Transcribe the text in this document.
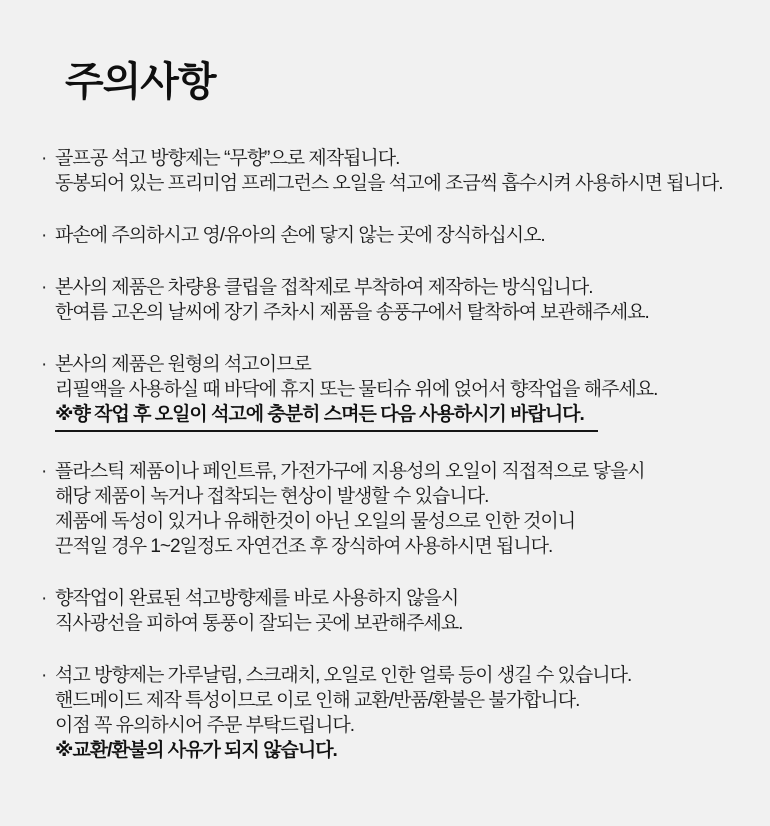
주의사항
· 골프공 석고 방향제는 “무향”으로 제작됩니다.
동봉되어 있는 프리미엄 프레그런스 오일을 석고에 조금씩 흡수시켜 사용하시면 됩니다.
· 파손에 주의하시고 영/유아의 손에 닿지 않는 곳에 장식하십시오.
· 본사의 제품은 차량용 클립을 접착제로 부착하여 제작하는 방식입니다.
한여름 고온의 날씨에 장기 주차시 제품을 송풍구에서 탈착하여 보관해주세요.
· 본사의 제품은 원형의 석고이므로
리필액을 사용하실 때 바닥에 휴지 또는 물티슈 위에 얹어서 향작업을 해주세요.
※향 작업 후 오일이 석고에 충분히 스며든 다음 사용하시기 바랍니다.
· 플라스틱 제품이나 페인트류, 가전가구에 지용성의 오일이 직접적으로 닿을시
해당 제품이 녹거나 접착되는 현상이 발생할 수 있습니다.
제품에 독성이 있거나 유해한것이 아닌 오일의 물성으로 인한 것이니
끈적일 경우 1~2일정도 자연건조 후 장식하여 사용하시면 됩니다.
· 향작업이 완료된 석고방향제를 바로 사용하지 않을시
직사광선을 피하여 통풍이 잘되는 곳에 보관해주세요.
· 석고 방향제는 가루날림, 스크래치, 오일로 인한 얼룩 등이 생길 수 있습니다.
핸드메이드 제작 특성이므로 이로 인해 교환/반품/환불은 불가합니다.
이점 꼭 유의하시어 주문 부탁드립니다.
※교환/환불의 사유가 되지 않습니다.
